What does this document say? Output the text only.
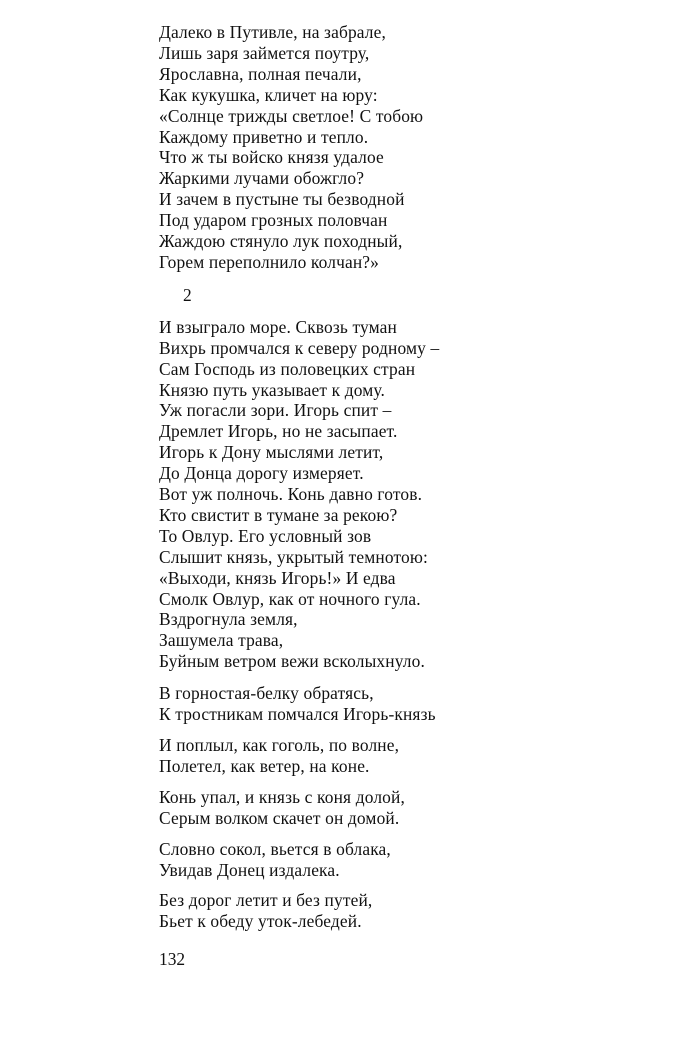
Далеко в Путивле, на забрале,
Лишь заря займется поутру,
Ярославна, полная печали,
Как кукушка, кличет на юру:
«Солнце трижды светлое! С тобою
Каждому приветно и тепло.
Что ж ты войско князя удалое
Жаркими лучами обожгло?
И зачем в пустыне ты безводной
Под ударом грозных половчан
Жаждою стянуло лук походный,
Горем переполнило колчан?»
2
И взыграло море. Сквозь туман
Вихрь промчался к северу родному –
Сам Господь из половецких стран
Князю путь указывает к дому.
Уж погасли зори. Игорь спит –
Дремлет Игорь, но не засыпает.
Игорь к Дону мыслями летит,
До Донца дорогу измеряет.
Вот уж полночь. Конь давно готов.
Кто свистит в тумане за рекою?
То Овлур. Его условный зов
Слышит князь, укрытый темнотою:
«Выходи, князь Игорь!» И едва
Смолк Овлур, как от ночного гула.
Вздрогнула земля,
Зашумела трава,
Буйным ветром вежи всколыхнуло.
В горностая-белку обратясь,
К тростникам помчался Игорь-князь
И поплыл, как гоголь, по волне,
Полетел, как ветер, на коне.
Конь упал, и князь с коня долой,
Серым волком скачет он домой.
Словно сокол, вьется в облака,
Увидав Донец издалека.
Без дорог летит и без путей,
Бьет к обеду уток-лебедей.
132
